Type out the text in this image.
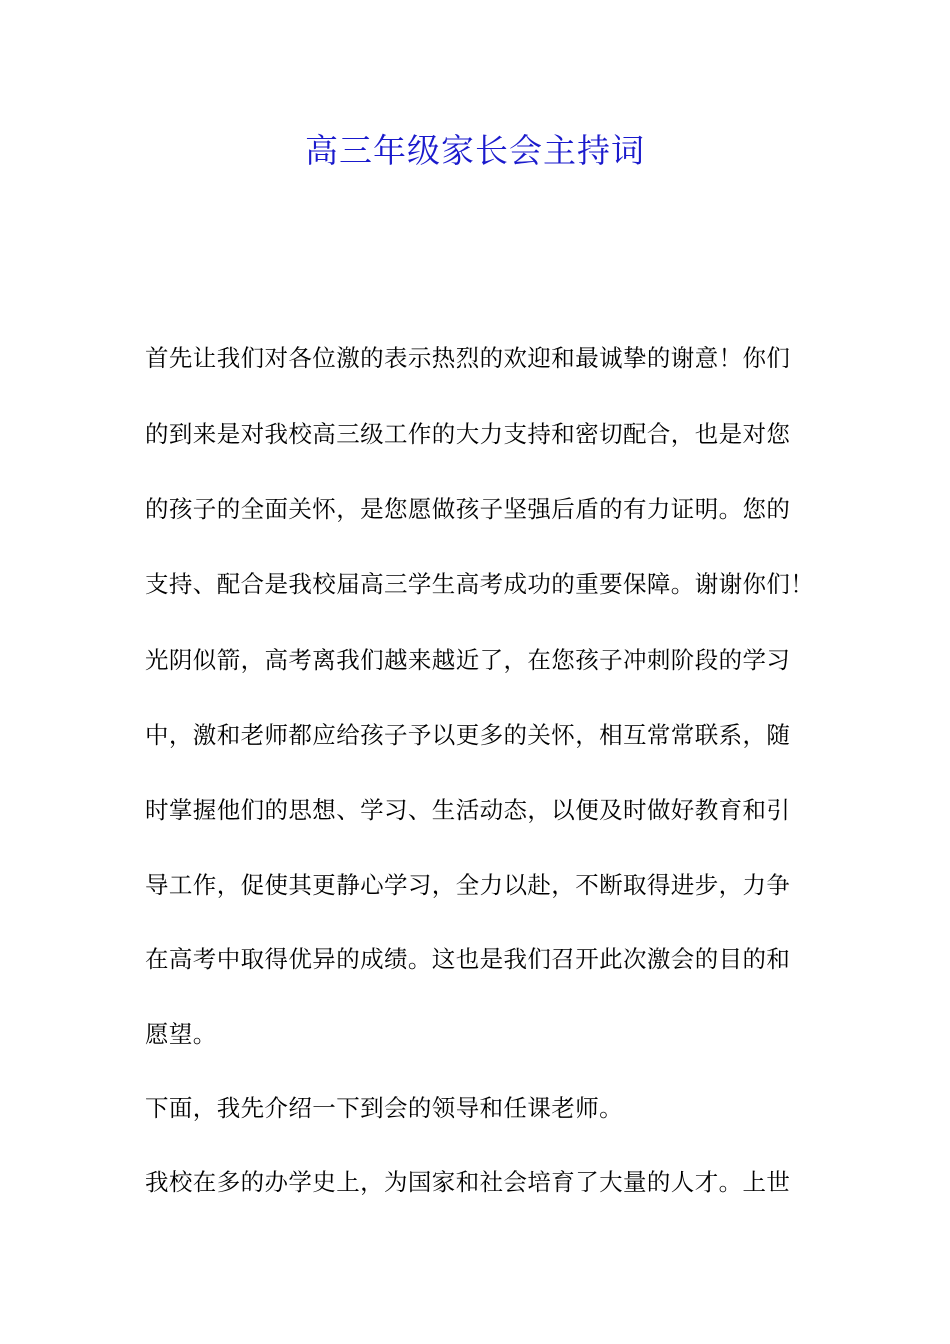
高三年级家长会主持词
首先让我们对各位激的表示热烈的欢迎和最诚挚的谢意！你们
的到来是对我校高三级工作的大力支持和密切配合，也是对您
的孩子的全面关怀，是您愿做孩子坚强后盾的有力证明。您的
支持、配合是我校届高三学生高考成功的重要保障。谢谢你们！
光阴似箭，高考离我们越来越近了，在您孩子冲刺阶段的学习
中，激和老师都应给孩子予以更多的关怀，相互常常联系，随
时掌握他们的思想、学习、生活动态，以便及时做好教育和引
导工作，促使其更静心学习，全力以赴，不断取得进步，力争
在高考中取得优异的成绩。这也是我们召开此次激会的目的和
愿望。
下面，我先介绍一下到会的领导和任课老师。
我校在多的办学史上，为国家和社会培育了大量的人才。上世
